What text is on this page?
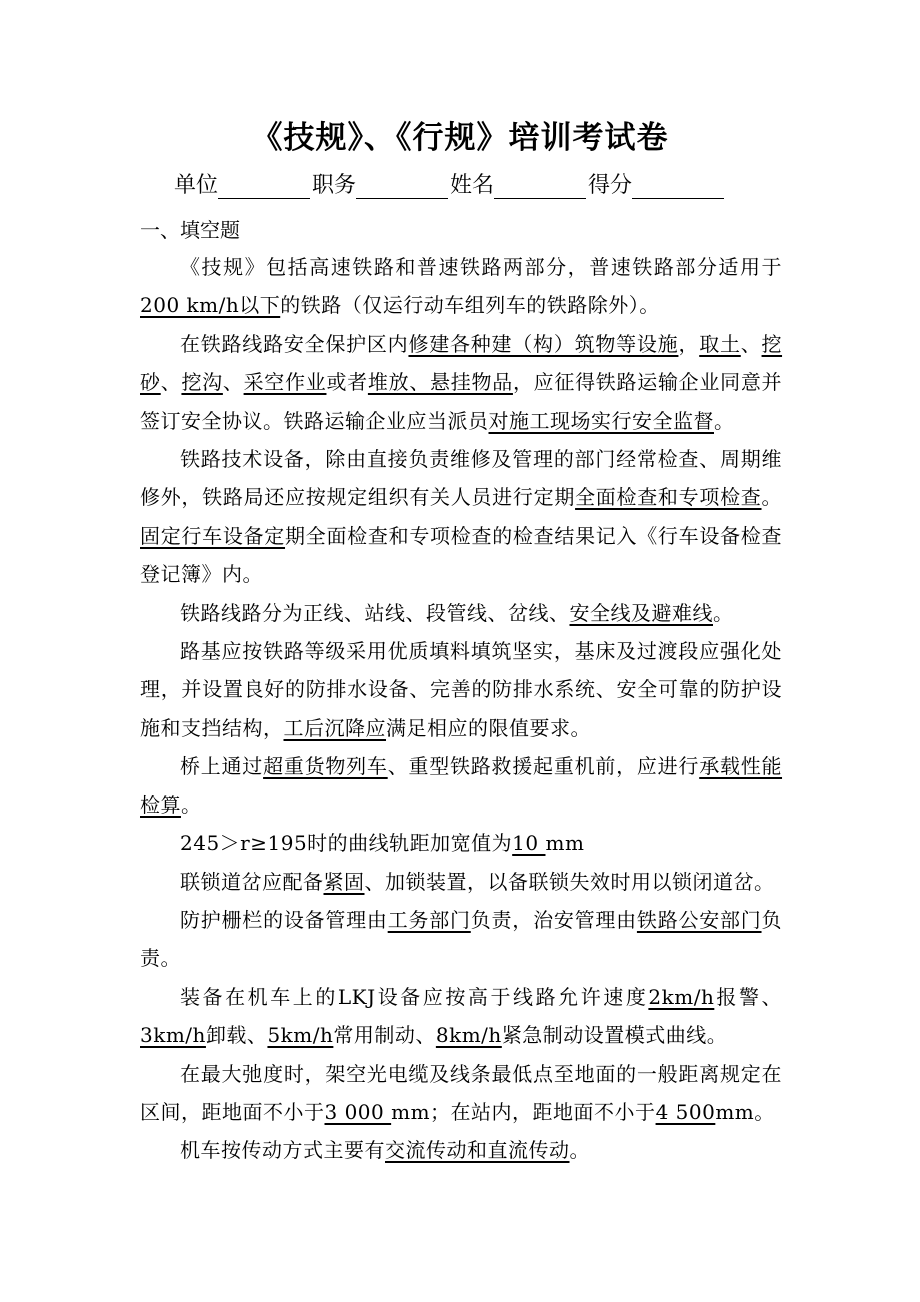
《技规》、《行规》培训考试卷
单位	职务	姓名	得分
一、填空题

《技规》包括高速铁路和普速铁路两部分，普速铁路部分适用于200 km/h以下的铁路（仅运行动车组列车的铁路除外）。

在铁路线路安全保护区内修建各种建（构）筑物等设施，取土、挖砂、挖沟、采空作业或者堆放、悬挂物品，应征得铁路运输企业同意并签订安全协议。铁路运输企业应当派员对施工现场实行安全监督。

铁路技术设备，除由直接负责维修及管理的部门经常检查、周期维修外，铁路局还应按规定组织有关人员进行定期全面检查和专项检查。固定行车设备定期全面检查和专项检查的检查结果记入《行车设备检查登记簿》内。

铁路线路分为正线、站线、段管线、岔线、安全线及避难线。

路基应按铁路等级采用优质填料填筑坚实，基床及过渡段应强化处理，并设置良好的防排水设备、完善的防排水系统、安全可靠的防护设施和支挡结构，工后沉降应满足相应的限值要求。

桥上通过超重货物列车、重型铁路救援起重机前，应进行承载性能检算。

245＞r≥195时的曲线轨距加宽值为10 mm

联锁道岔应配备紧固、加锁装置，以备联锁失效时用以锁闭道岔。

防护栅栏的设备管理由工务部门负责，治安管理由铁路公安部门负责。

装备在机车上的LKJ设备应按高于线路允许速度2km/h报警、3km/h卸载、5km/h常用制动、8km/h紧急制动设置模式曲线。

在最大弛度时，架空光电缆及线条最低点至地面的一般距离规定在区间，距地面不小于3 000 mm；在站内，距地面不小于4 500mm。

机车按传动方式主要有交流传动和直流传动。
